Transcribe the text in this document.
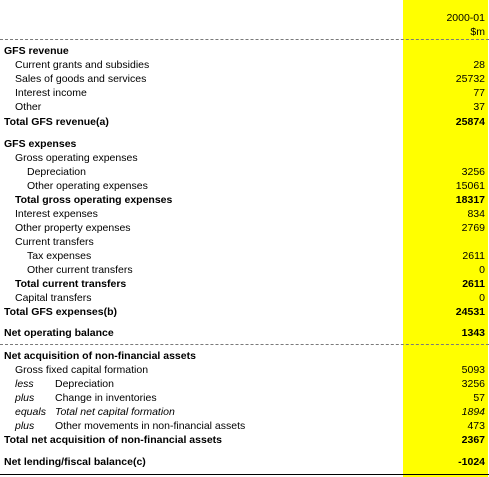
2000-01
$m
GFS revenue
Current grants and subsidies	28
Sales of goods and services	25732
Interest income	77
Other	37
Total GFS revenue(a)	25874
GFS expenses
Gross operating expenses
Depreciation	3256
Other operating expenses	15061
Total gross operating expenses	18317
Interest expenses	834
Other property expenses	2769
Current transfers
Tax expenses	2611
Other current transfers	0
Total current transfers	2611
Capital transfers	0
Total GFS expenses(b)	24531
Net operating balance	1343
Net acquisition of non-financial assets
Gross fixed capital formation	5093
less Depreciation	3256
plus Change in inventories	57
equals Total net capital formation	1894
plus Other movements in non-financial assets	473
Total net acquisition of non-financial assets	2367
Net lending/fiscal balance(c)	-1024
